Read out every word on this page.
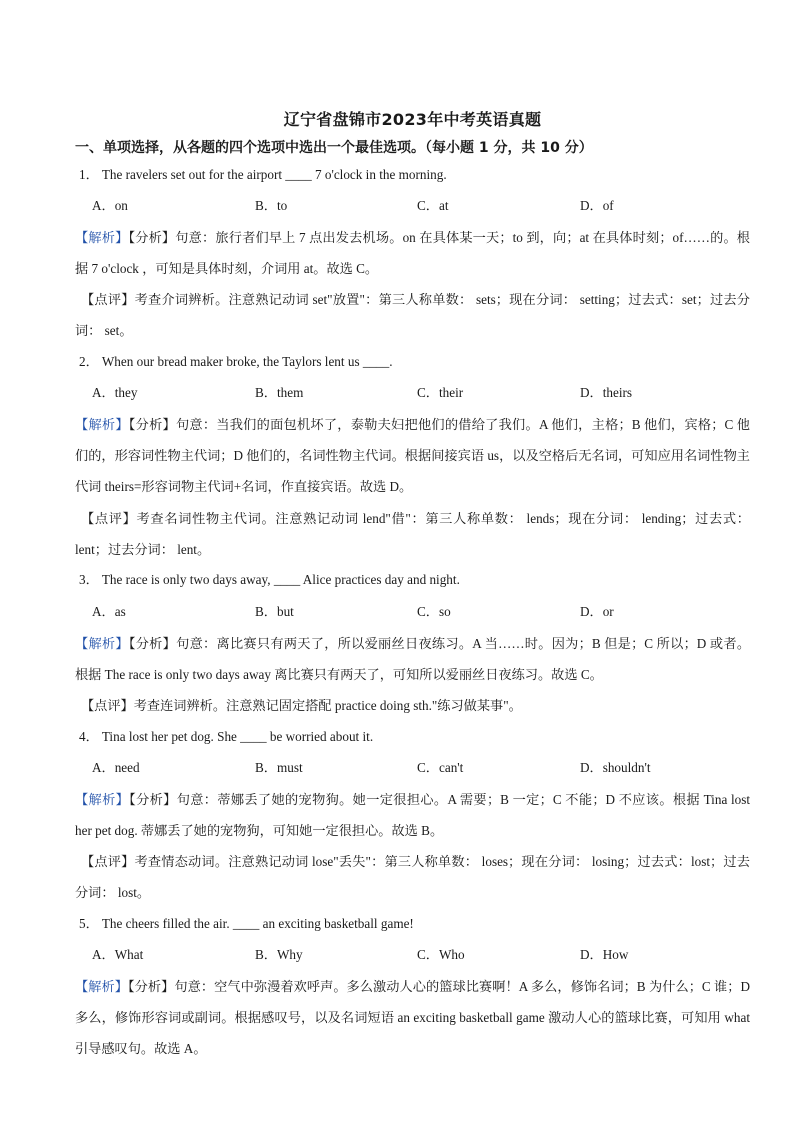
辽宁省盘锦市2023年中考英语真题
一、单项选择，从各题的四个选项中选出一个最佳选项。（每小题 1 分，共 10 分）
1． The ravelers set out for the airport ____ 7 o'clock in the morning.
A．on	B．to	C．at	D．of
【解析】【分析】句意：旅行者们早上 7 点出发去机场。on 在具体某一天；to 到，向；at 在具体时刻；of……的。根据 7 o'clock ，可知是具体时刻，介词用 at。故选 C。
【点评】考查介词辨析。注意熟记动词 set"放置"：第三人称单数： sets；现在分词： setting；过去式：set；过去分词： set。
2． When our bread maker broke, the Taylors lent us ____.
A．they	B．them	C．their	D．theirs
【解析】【分析】句意：当我们的面包机坏了，泰勒夫妇把他们的借给了我们。A 他们，主格；B 他们，宾格；C 他们的，形容词性物主代词；D 他们的，名词性物主代词。根据间接宾语 us，以及空格后无名词，可知应用名词性物主代词 theirs=形容词物主代词+名词，作直接宾语。故选 D。
【点评】考查名词性物主代词。注意熟记动词 lend"借"：第三人称单数： lends；现在分词： lending；过去式： lent；过去分词： lent。
3． The race is only two days away, ____ Alice practices day and night.
A．as	B．but	C．so	D．or
【解析】【分析】句意：离比赛只有两天了，所以爱丽丝日夜练习。A 当……时。因为；B 但是；C 所以；D 或者。根据 The race is only two days away 离比赛只有两天了，可知所以爱丽丝日夜练习。故选 C。
【点评】考查连词辨析。注意熟记固定搭配 practice doing sth."练习做某事"。
4． Tina lost her pet dog. She ____ be worried about it.
A．need	B．must	C．can't	D．shouldn't
【解析】【分析】句意：蒂娜丢了她的宠物狗。她一定很担心。A 需要；B 一定；C 不能；D 不应该。根据 Tina lost her pet dog. 蒂娜丢了她的宠物狗，可知她一定很担心。故选 B。
【点评】考查情态动词。注意熟记动词 lose"丢失"：第三人称单数： loses；现在分词： losing；过去式：lost；过去分词： lost。
5． The cheers filled the air. ____ an exciting basketball game!
A．What	B．Why	C．Who	D．How
【解析】【分析】句意：空气中弥漫着欢呼声。多么激动人心的篮球比赛啊！A 多么，修饰名词；B 为什么；C 谁；D 多么，修饰形容词或副词。根据感叹号，以及名词短语 an exciting basketball game 激动人心的篮球比赛，可知用 what 引导感叹句。故选 A。
